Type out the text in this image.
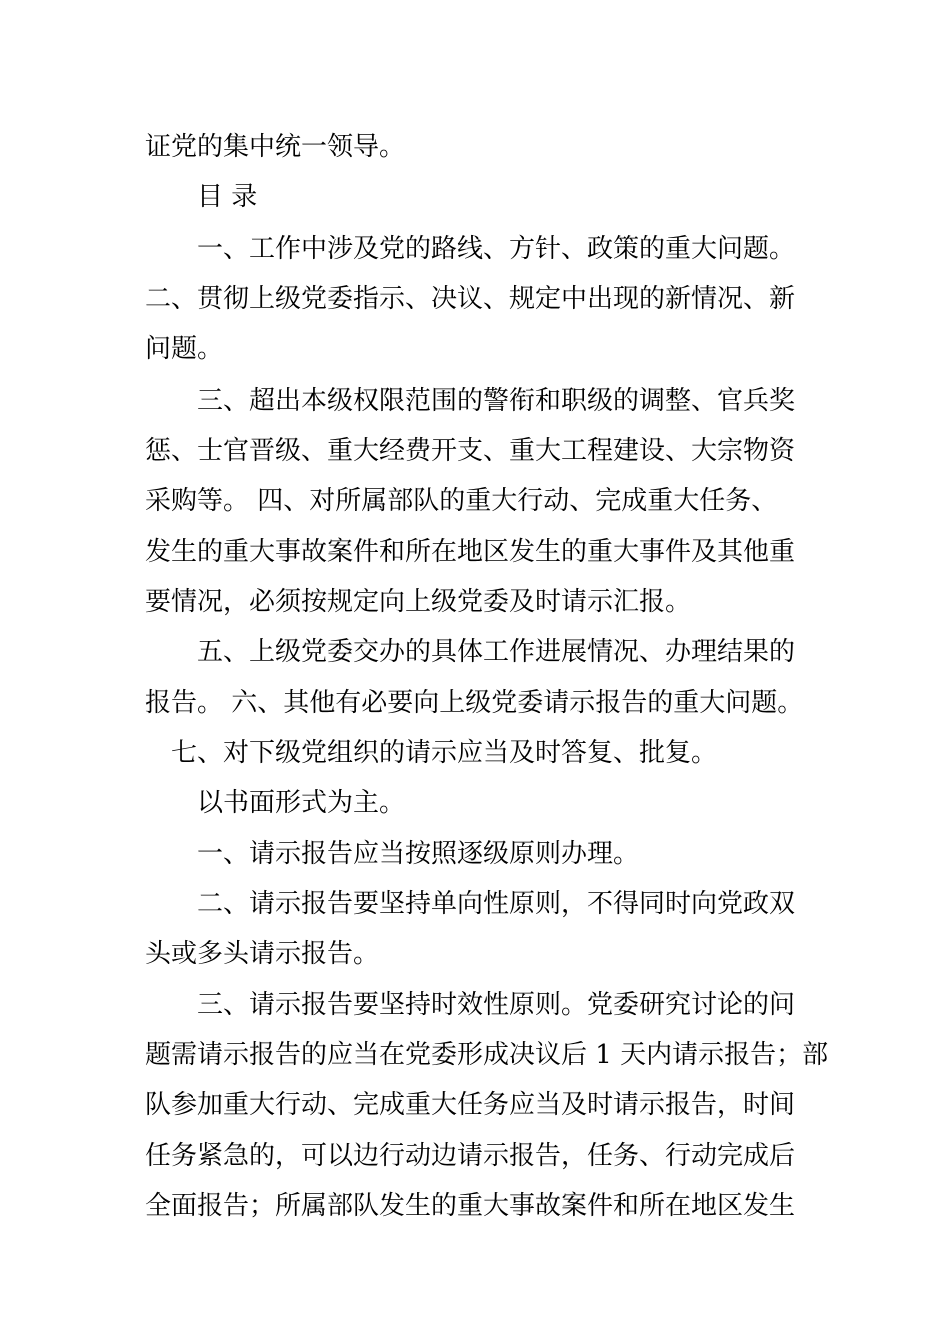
证党的集中统一领导。
目 录
一、工作中涉及党的路线、方针、政策的重大问题。
二、贯彻上级党委指示、决议、规定中出现的新情况、新
问题。
三、超出本级权限范围的警衔和职级的调整、官兵奖
惩、士官晋级、重大经费开支、重大工程建设、大宗物资
采购等。 四、对所属部队的重大行动、完成重大任务、
发生的重大事故案件和所在地区发生的重大事件及其他重
要情况，必须按规定向上级党委及时请示汇报。
五、上级党委交办的具体工作进展情况、办理结果的
报告。 六、其他有必要向上级党委请示报告的重大问题。
七、对下级党组织的请示应当及时答复、批复。
以书面形式为主。
一、请示报告应当按照逐级原则办理。
二、请示报告要坚持单向性原则，不得同时向党政双
头或多头请示报告。
三、请示报告要坚持时效性原则。党委研究讨论的问
题需请示报告的应当在党委形成决议后 1 天内请示报告；部
队参加重大行动、完成重大任务应当及时请示报告，时间
任务紧急的，可以边行动边请示报告，任务、行动完成后
全面报告；所属部队发生的重大事故案件和所在地区发生
